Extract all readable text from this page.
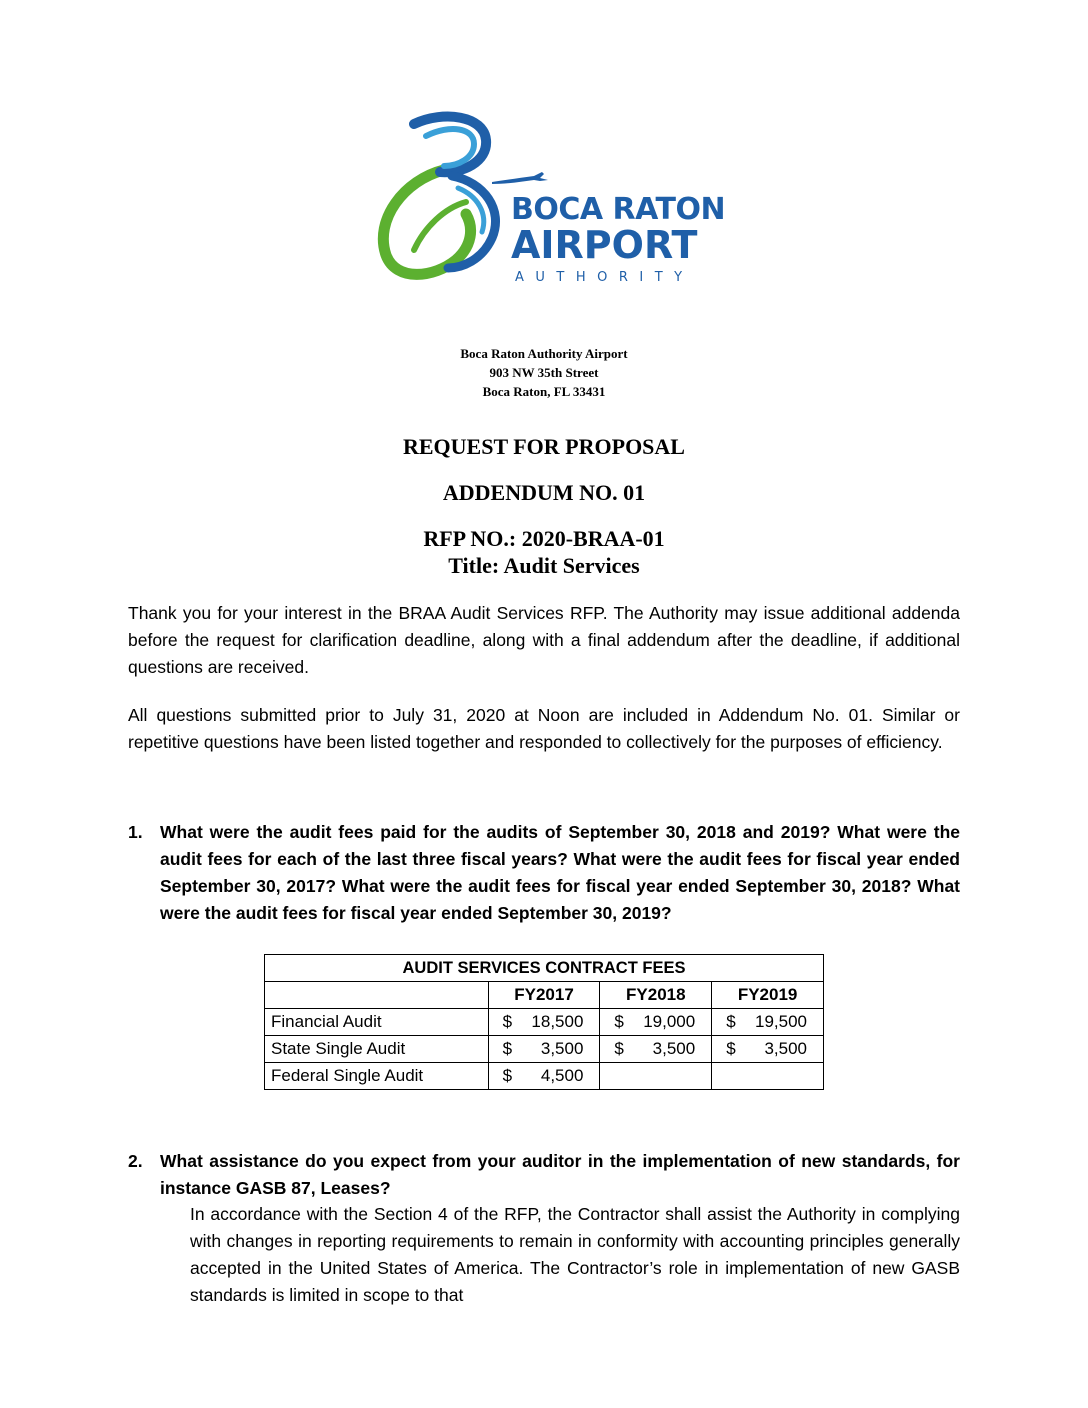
BOCA RATON
AIRPORT
AUTHORITY
Boca Raton Authority Airport
903 NW 35th Street
Boca Raton, FL 33431
REQUEST FOR PROPOSAL
ADDENDUM NO. 01
RFP NO.: 2020-BRAA-01
Title: Audit Services
Thank you for your interest in the BRAA Audit Services RFP. The Authority may issue additional addenda before the request for clarification deadline, along with a final addendum after the deadline, if additional questions are received.
All questions submitted prior to July 31, 2020 at Noon are included in Addendum No. 01. Similar or repetitive questions have been listed together and responded to collectively for the purposes of efficiency.
1. What were the audit fees paid for the audits of September 30, 2018 and 2019? What were the audit fees for each of the last three fiscal years? What were the audit fees for fiscal year ended September 30, 2017? What were the audit fees for fiscal year ended September 30, 2018? What were the audit fees for fiscal year ended September 30, 2019?
AUDIT SERVICES CONTRACT FEES			
	FY2017	FY2018	FY2019
Financial Audit	$ 18,500	$ 19,000	$ 19,500

State Single Audit	$ 3,500	$ 3,500	$ 3,500

Federal Single Audit	$ 4,500		

2. What assistance do you expect from your auditor in the implementation of new standards, for instance GASB 87, Leases?
In accordance with the Section 4 of the RFP, the Contractor shall assist the Authority in complying with changes in reporting requirements to remain in conformity with accounting principles generally accepted in the United States of America. The Contractor’s role in implementation of new GASB standards is limited in scope to that
